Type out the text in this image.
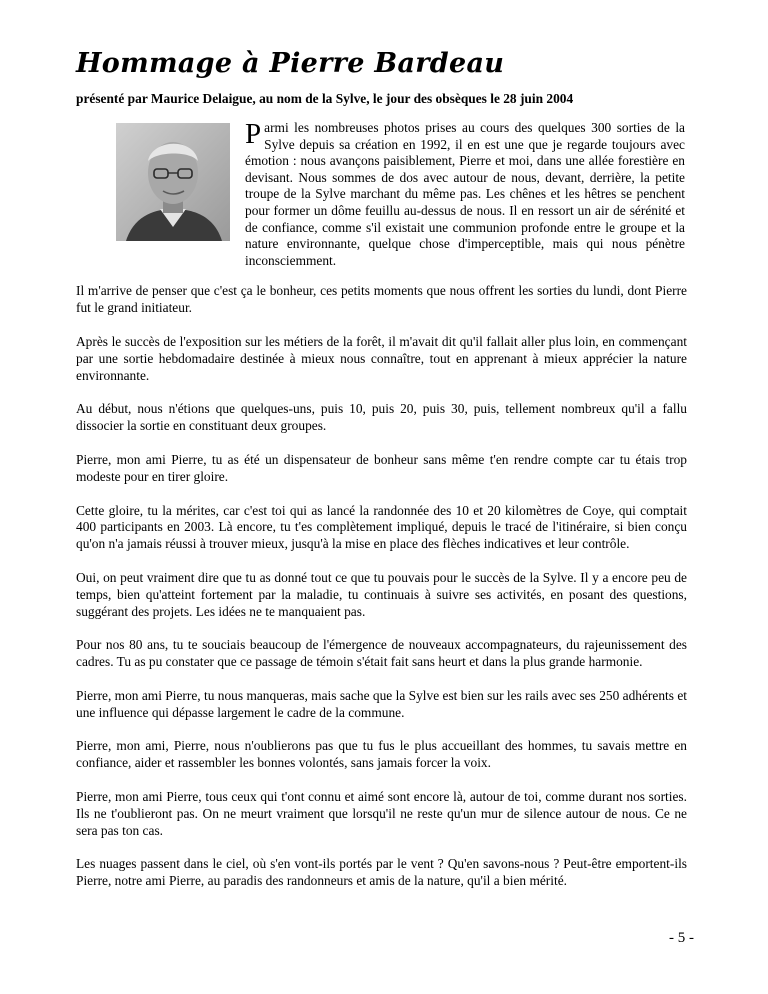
Hommage à Pierre Bardeau

présenté par Maurice Delaigue, au nom de la Sylve, le jour des obsèques le 28 juin 2004

Parmi les nombreuses photos prises au cours des quelques 300 sorties de la Sylve depuis sa création en 1992, il en est une que je regarde toujours avec émotion : nous avançons paisiblement, Pierre et moi, dans une allée forestière en devisant. Nous sommes de dos avec autour de nous, devant, derrière, la petite troupe de la Sylve marchant du même pas. Les chênes et les hêtres se penchent pour former un dôme feuillu au-dessus de nous. Il en ressort un air de sérénité et de confiance, comme s'il existait une communion profonde entre le groupe et la nature environnante, quelque chose d'imperceptible, mais qui nous pénètre inconsciemment.

Il m'arrive de penser que c'est ça le bonheur, ces petits moments que nous offrent les sorties du lundi, dont Pierre fut le grand initiateur.

Après le succès de l'exposition sur les métiers de la forêt, il m'avait dit qu'il fallait aller plus loin, en commençant par une sortie hebdomadaire destinée à mieux nous connaître, tout en apprenant à mieux apprécier la nature environnante.

Au début, nous n'étions que quelques-uns, puis 10, puis 20, puis 30, puis, tellement nombreux qu'il a fallu dissocier la sortie en constituant deux groupes.

Pierre, mon ami Pierre, tu as été un dispensateur de bonheur sans même t'en rendre compte car tu étais trop modeste pour en tirer gloire.

Cette gloire, tu la mérites, car c'est toi qui as lancé la randonnée des 10 et 20 kilomètres de Coye, qui comptait 400 participants en 2003. Là encore, tu t'es complètement impliqué, depuis le tracé de l'itinéraire, si bien conçu qu'on n'a jamais réussi à trouver mieux, jusqu'à la mise en place des flèches indicatives et leur contrôle.

Oui, on peut vraiment dire que tu as donné tout ce que tu pouvais pour le succès de la Sylve. Il y a encore peu de temps, bien qu'atteint fortement par la maladie, tu continuais à suivre ses activités, en posant des questions, suggérant des projets. Les idées ne te manquaient pas.

Pour nos 80 ans, tu te souciais beaucoup de l'émergence de nouveaux accompagnateurs, du rajeunissement des cadres. Tu as pu constater que ce passage de témoin s'était fait sans heurt et dans la plus grande harmonie.

Pierre, mon ami Pierre, tu nous manqueras, mais sache que la Sylve est bien sur les rails avec ses 250 adhérents et une influence qui dépasse largement le cadre de la commune.

Pierre, mon ami, Pierre, nous n'oublierons pas que tu fus le plus accueillant des hommes, tu savais mettre en confiance, aider et rassembler les bonnes volontés, sans jamais forcer la voix.

Pierre, mon ami Pierre, tous ceux qui t'ont connu et aimé sont encore là, autour de toi, comme durant nos sorties. Ils ne t'oublieront pas. On ne meurt vraiment que lorsqu'il ne reste qu'un mur de silence autour de nous. Ce ne sera pas ton cas.

Les nuages passent dans le ciel, où s'en vont-ils portés par le vent ? Qu'en savons-nous ? Peut-être emportent-ils Pierre, notre ami Pierre, au paradis des randonneurs et amis de la nature, qu'il a bien mérité.

- 5 -
